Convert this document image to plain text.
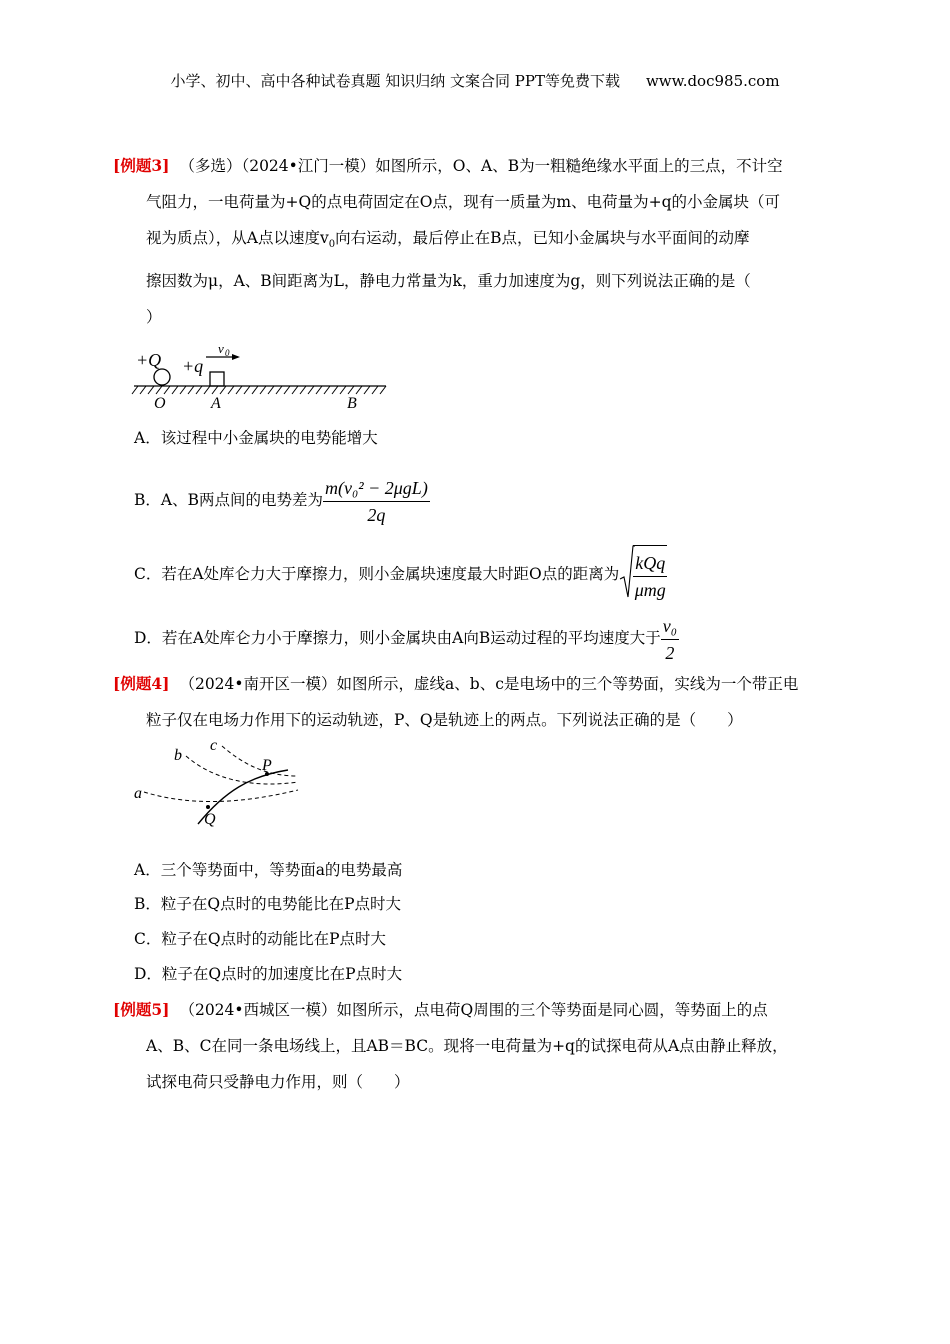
小学、初中、高中各种试卷真题 知识归纳 文案合同 PPT等免费下载 www.doc985.com
[例题3] （多选）（2024•江门一模）如图所示，O、A、B为一粗糙绝缘水平面上的三点，不计空
气阻力，一电荷量为+Q的点电荷固定在O点，现有一质量为m、电荷量为+q的小金属块（可
视为质点），从A点以速度$v_0$向右运动，最后停止在B点，已知小金属块与水平面间的动摩
擦因数为μ，A、B间距离为L，静电力常量为k，重力加速度为g，则下列说法正确的是（
）
+Q +q
v 0
O	A	B
A．该过程中小金属块的电势能增大
B．A、B两点间的电势差为 $\frac{\text{m(v₀² − 2μgL)}}{2q}$
C．若在A处库仑力大于摩擦力，则小金属块速度最大时距O点的距离为 $\frac{\text{kQq}}{\text{μmg}}$
D．若在A处库仑力小于摩擦力，则小金属块由A向B运动过程的平均速度大于 $\frac{\text{v₀}}{2}$
[例题4] （2024•南开区一模）如图所示，虚线a、b、c是电场中的三个等势面，实线为一个带正电
粒子仅在电场力作用下的运动轨迹，P、Q是轨迹上的两点。下列说法正确的是（　　）
a
b
c
P
Q
A．三个等势面中，等势面a的电势最高
B．粒子在Q点时的电势能比在P点时大
C．粒子在Q点时的动能比在P点时大
D．粒子在Q点时的加速度比在P点时大
[例题5] （2024•西城区一模）如图所示，点电荷Q周围的三个等势面是同心圆，等势面上的点
A、B、C在同一条电场线上，且AB＝BC。现将一电荷量为+q的试探电荷从A点由静止释放，
试探电荷只受静电力作用，则（　　）
